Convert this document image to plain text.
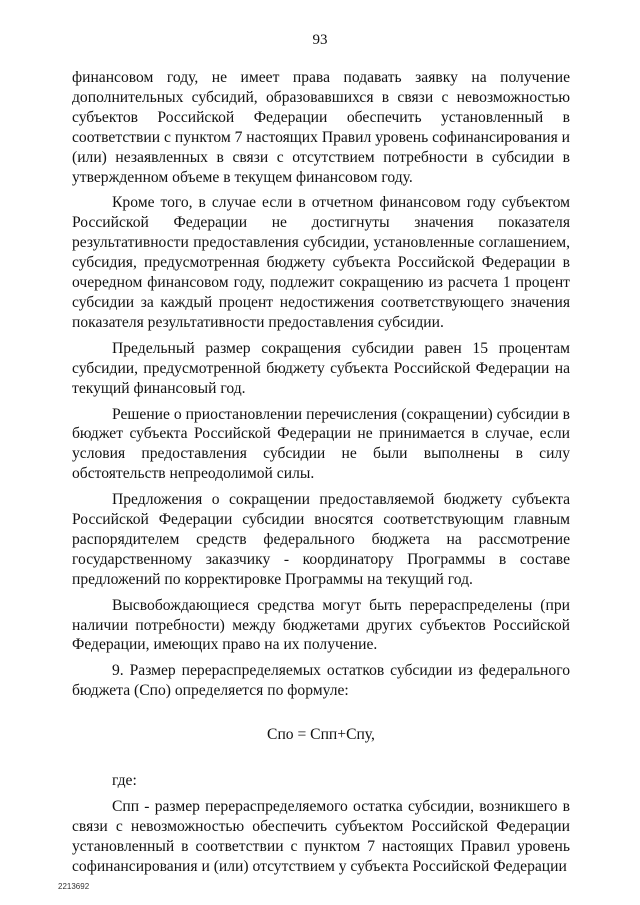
93

финансовом году, не имеет права подавать заявку на получение дополнительных субсидий, образовавшихся в связи с невозможностью субъектов Российской Федерации обеспечить установленный в соответствии с пунктом 7 настоящих Правил уровень софинансирования и (или) незаявленных в связи с отсутствием потребности в субсидии в утвержденном объеме в текущем финансовом году.

Кроме того, в случае если в отчетном финансовом году субъектом Российской Федерации не достигнуты значения показателя результативности предоставления субсидии, установленные соглашением, субсидия, предусмотренная бюджету субъекта Российской Федерации в очередном финансовом году, подлежит сокращению из расчета 1 процент субсидии за каждый процент недостижения соответствующего значения показателя результативности предоставления субсидии.

Предельный размер сокращения субсидии равен 15 процентам субсидии, предусмотренной бюджету субъекта Российской Федерации на текущий финансовый год.

Решение о приостановлении перечисления (сокращении) субсидии в бюджет субъекта Российской Федерации не принимается в случае, если условия предоставления субсидии не были выполнены в силу обстоятельств непреодолимой силы.

Предложения о сокращении предоставляемой бюджету субъекта Российской Федерации субсидии вносятся соответствующим главным распорядителем средств федерального бюджета на рассмотрение государственному заказчику - координатору Программы в составе предложений по корректировке Программы на текущий год.

Высвобождающиеся средства могут быть перераспределены (при наличии потребности) между бюджетами других субъектов Российской Федерации, имеющих право на их получение.

9. Размер перераспределяемых остатков субсидии из федерального бюджета (Спо) определяется по формуле:

Спо = Спп+Спу,

где:

Спп - размер перераспределяемого остатка субсидии, возникшего в связи с невозможностью обеспечить субъектом Российской Федерации установленный в соответствии с пунктом 7 настоящих Правил уровень софинансирования и (или) отсутствием у субъекта Российской Федерации

2213692
